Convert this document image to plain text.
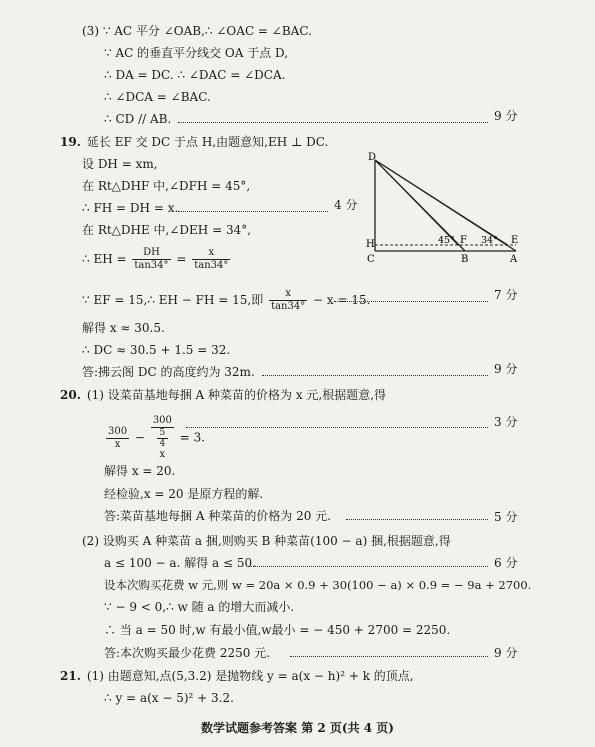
(3) ∵ AC 平分 ∠OAB,∴ ∠OAC = ∠BAC.
∵ AC 的垂直平分线交 OA 于点 D,
∴ DA = DC. ∴ ∠DAC = ∠DCA.
∴ ∠DCA = ∠BAC.
∴ CD // AB.	9 分
19. 延长 EF 交 DC 于点 H,由题意知,EH ⊥ DC.
设 DH = xm,
在 Rt△DHF 中,∠DFH = 45°,
∴ FH = DH = x.	4 分
在 Rt△DHE 中,∠DEH = 34°,
∴ EH = $\frac{DH}{\tan 34^\circ} = \frac{x}{\tan 34^\circ}$
∵ EF = 15,∴ EH − FH = 15,即 $\frac{x}{\tan 34^\circ} - x = 15$.	7 分
解得 x ≈ 30.5.
∴ DC ≈ 30.5 + 1.5 = 32.
答:拂云阁 DC 的高度约为 32m.	9 分
D
H
C	B	A
F	E
45°	34°
20. (1) 设菜苗基地每捆 A 种菜苗的价格为 x 元,根据题意,得
$\frac{300}{x} - 300$
5
4
x = 3.
3 分
解得 x = 20.
经检验,x = 20 是原方程的解.
答:菜苗基地每捆 A 种菜苗的价格为 20 元.	5 分
(2) 设购买 A 种菜苗 a 捆,则购买 B 种菜苗(100 − a) 捆,根据题意,得
a ≤ 100 − a. 解得 a ≤ 50.	6 分
设本次购买花费 w 元,则 w = 20a × 0.9 + 30(100 − a) × 0.9 = − 9a + 2700.
∵ − 9 < 0,∴ w 随 a 的增大而减小.
∴ 当 a = 50 时,w 有最小值,w最小 = − 450 + 2700 = 2250.
答:本次购买最少花费 2250 元.	9 分
21. (1) 由题意知,点(5,3.2) 是抛物线 y = a(x − h)² + k 的顶点,
∴ y = a(x − 5)² + 3.2.
数学试题参考答案 第 2 页(共 4 页)
